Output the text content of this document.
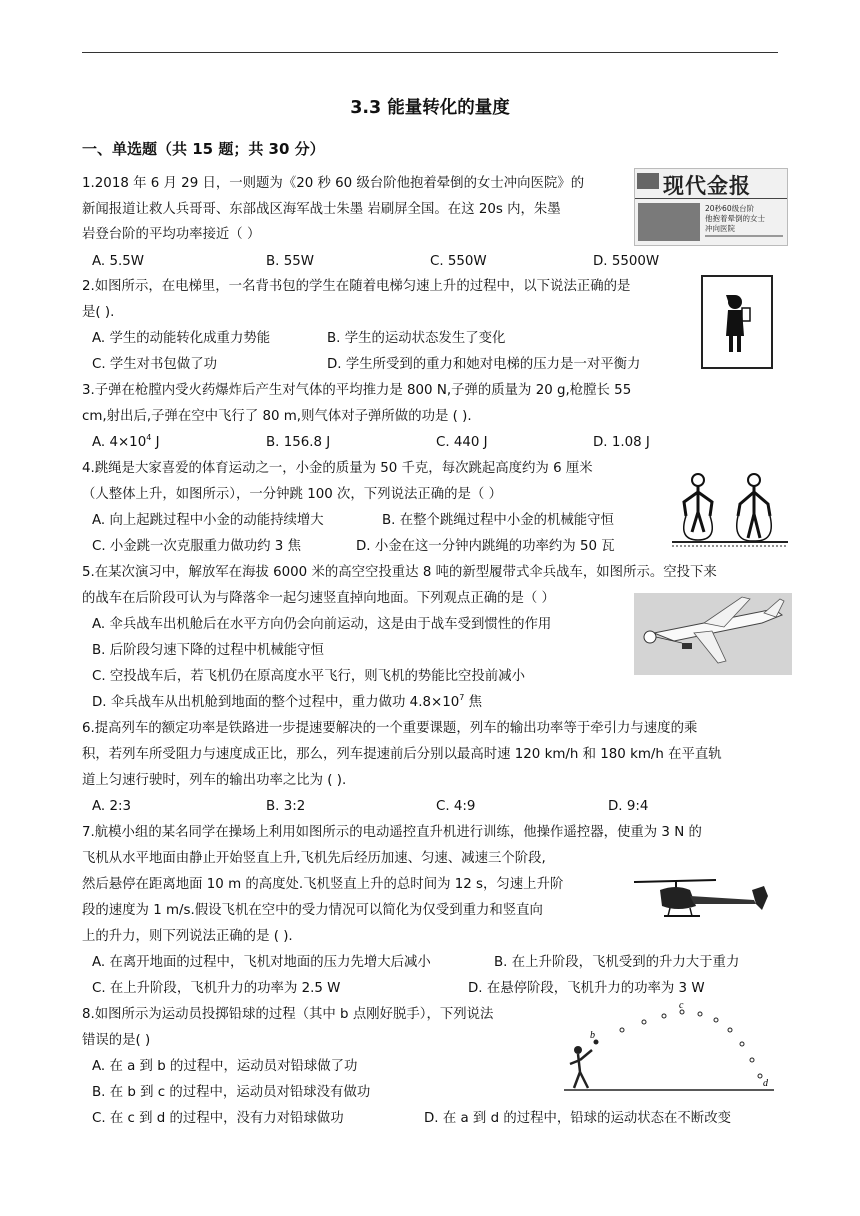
3.3 能量转化的量度
一、单选题（共 15 题；共 30 分）
1.2018 年 6 月 29 日，一则题为《20 秒 60 级台阶他抱着晕倒的女士冲向医院》的
新闻报道让救人兵哥哥、东部战区海军战士朱墨 岩刷屏全国。在这 20s 内，朱墨
岩登台阶的平均功率接近（ ）
A. 5.5W	B. 55W	C. 550W	D. 5500W
现代金报
20秒60级台阶
他抱着晕倒的女士
冲向医院
2.如图所示，在电梯里，一名背书包的学生在随着电梯匀速上升的过程中，以下说法正确的是
是( ).
A. 学生的动能转化成重力势能	B. 学生的运动状态发生了变化
C. 学生对书包做了功	D. 学生所受到的重力和她对电梯的压力是一对平衡力
3.子弹在枪膛内受火药爆炸后产生对气体的平均推力是 800 N,子弹的质量为 20 g,枪膛长 55
cm,射出后,子弹在空中飞行了 80 m,则气体对子弹所做的功是 ( ).
A. $4\times 10^4$ J	B. 156.8 J	C. 440 J	D. 1.08 J
4.跳绳是大家喜爱的体育运动之一，小金的质量为 50 千克，每次跳起高度约为 6 厘米
（人整体上升，如图所示），一分钟跳 100 次，下列说法正确的是（ ）
A. 向上起跳过程中小金的动能持续增大	B. 在整个跳绳过程中小金的机械能守恒
C. 小金跳一次克服重力做功约 3 焦	D. 小金在这一分钟内跳绳的功率约为 50 瓦
5.在某次演习中，解放军在海拔 6000 米的高空空投重达 8 吨的新型履带式伞兵战车，如图所示。空投下来
的战车在后阶段可认为与降落伞一起匀速竖直掉向地面。下列观点正确的是（ ）
A. 伞兵战车出机舱后在水平方向仍会向前运动，这是由于战车受到惯性的作用
B. 后阶段匀速下降的过程中机械能守恒
C. 空投战车后，若飞机仍在原高度水平飞行，则飞机的势能比空投前减小
D. 伞兵战车从出机舱到地面的整个过程中，重力做功 $4.8\times 10^7$ 焦
6.提高列车的额定功率是铁路进一步提速要解决的一个重要课题，列车的输出功率等于牵引力与速度的乘
积，若列车所受阻力与速度成正比，那么，列车提速前后分别以最高时速 120 km/h 和 180 km/h 在平直轨
道上匀速行驶时，列车的输出功率之比为 ( ).
A. 2:3	B. 3:2	C. 4:9	D. 9:4
7.航模小组的某名同学在操场上利用如图所示的电动遥控直升机进行训练，他操作遥控器，使重为 3 N 的
飞机从水平地面由静止开始竖直上升,飞机先后经历加速、匀速、减速三个阶段,
然后悬停在距离地面 10 m 的高度处.飞机竖直上升的总时间为 12 s，匀速上升阶
段的速度为 1 m/s.假设飞机在空中的受力情况可以简化为仅受到重力和竖直向
上的升力，则下列说法正确的是 ( ).
A. 在离开地面的过程中，飞机对地面的压力先增大后减小	B. 在上升阶段，飞机受到的升力大于重力
C. 在上升阶段，飞机升力的功率为 2.5 W	D. 在悬停阶段，飞机升力的功率为 3 W
8.如图所示为运动员投掷铅球的过程（其中 b 点刚好脱手），下列说法
错误的是( )
A. 在 a 到 b 的过程中，运动员对铅球做了功
B. 在 b 到 c 的过程中，运动员对铅球没有做功
C. 在 c 到 d 的过程中，没有力对铅球做功	D. 在 a 到 d 的过程中，铅球的运动状态在不断改变
b
c
d
